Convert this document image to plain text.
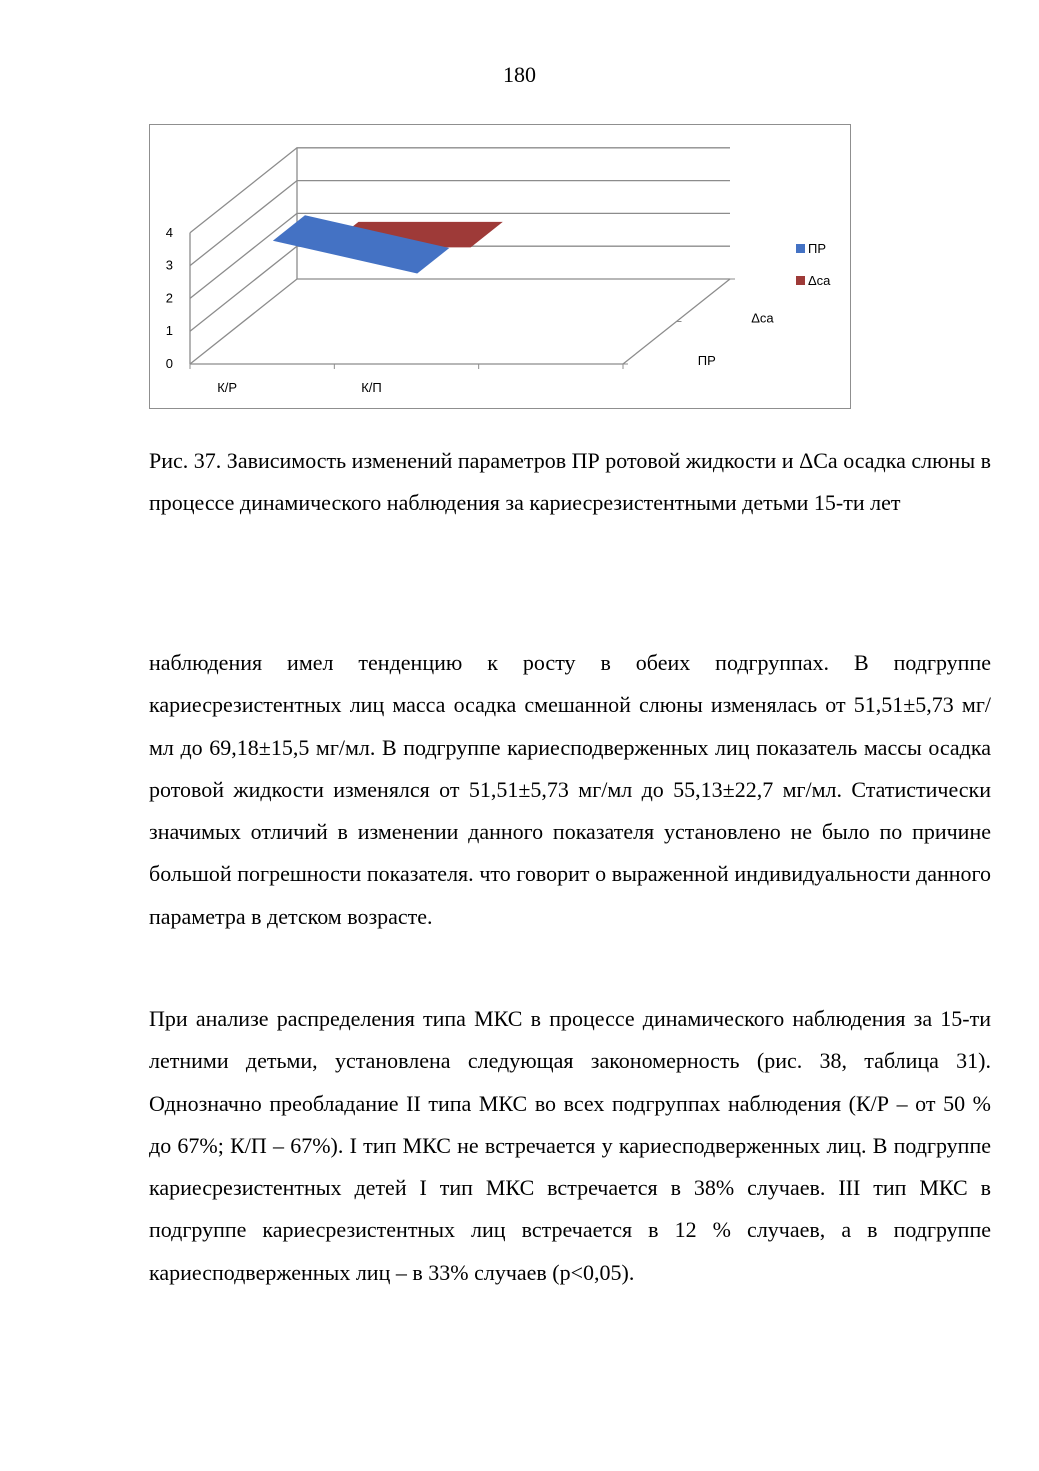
180
0
1
2
3
4
К/Р	К/П
ПР
Δca
ПР
Δca

Рис. 37. Зависимость изменений параметров ПР ротовой жидкости и ΔCa осадка слюны в процессе динамического наблюдения за кариесрезистентными детьми 15-ти лет

наблюдения имел тенденцию к росту в обеих подгруппах. В подгруппе кариесрезистентных лиц масса осадка смешанной слюны изменялась от 51,51±5,73 мг/мл до 69,18±15,5 мг/мл. В подгруппе кариесподверженных лиц показатель массы осадка ротовой жидкости изменялся от 51,51±5,73 мг/мл до 55,13±22,7 мг/мл. Статистически значимых отличий в изменении данного показателя установлено не было по причине большой погрешности показателя. что говорит о выраженной индивидуальности данного параметра в детском возрасте.

При анализе распределения типа МКС в процессе динамического наблюдения за 15-ти летними детьми, установлена следующая закономерность (рис. 38, таблица 31). Однозначно преобладание II типа МКС во всех подгруппах наблюдения (К/Р – от 50 % до 67%; К/П – 67%). I тип МКС не встречается у кариесподверженных лиц. В подгруппе кариесрезистентных детей I тип МКС встречается в 38% случаев. III тип МКС в подгруппе кариесрезистентных лиц встречается в 12 % случаев, а в подгруппе кариесподверженных лиц – в 33% случаев (p<0,05).
